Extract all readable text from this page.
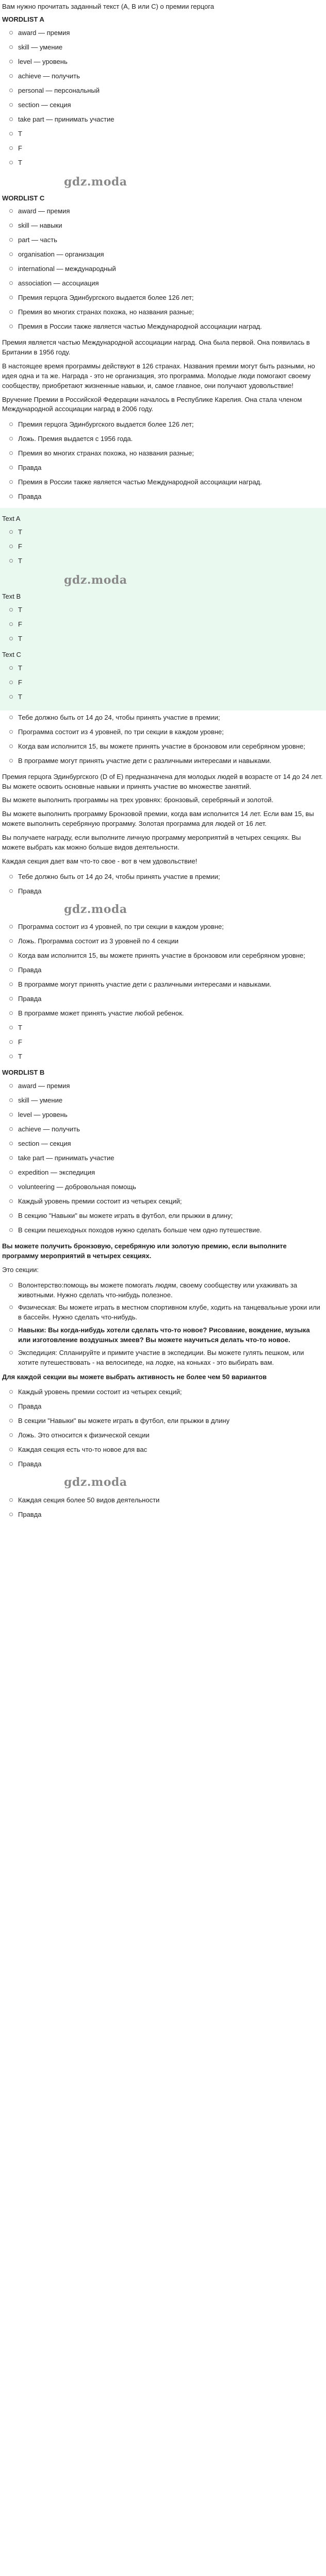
Вам нужно прочитать заданный текст (A, B или C) о премии герцога

WORDLIST A
award — премия
skill — умение
level — уровень
achieve — получить
personal — персональный
section — секция
take part — принимать участие
T
F
T
gdz.moda
WORDLIST C
award — премия
skill — навыки
part — часть
organisation — организация
international — международный
association — ассоциация
Премия герцога Эдинбургского выдается более 126 лет;
Премия во многих странах похожа, но названия разные;
Премия в России также является частью Международной ассоциации наград.

Премия является частью Международной ассоциации наград. Она была первой. Она появилась в Британии в 1956 году.

В настоящее время программы действуют в 126 странах. Названия премии могут быть разными, но идея одна и та же. Награда - это не организация, это программа. Молодые люди помогают своему сообществу, приобретают жизненные навыки, и, самое главное, они получают удовольствие!

Вручение Премии в Российской Федерации началось в Республике Карелия. Она стала членом Международной ассоциации наград в 2006 году.

Премия герцога Эдинбургского выдается более 126 лет;
Ложь. Премия выдается с 1956 года.
Премия во многих странах похожа, но названия разные;
Правда
Премия в России также является частью Международной ассоциации наград.
Правда
Text A
T
F
T
gdz.moda
Text B
T
F
T
Text C
T
F
T
Тебе должно быть от 14 до 24, чтобы принять участие в премии;
Программа состоит из 4 уровней, по три секции в каждом уровне;
Когда вам исполнится 15, вы можете принять участие в бронзовом или серебряном уровне;
В программе могут принять участие дети с различными интересами и навыками.

Премия герцога Эдинбургского (D of E) предназначена для молодых людей в возрасте от 14 до 24 лет. Вы можете освоить основные навыки и принять участие во множестве занятий.

Вы можете выполнить программы на трех уровнях: бронзовый, серебряный и золотой.

Вы можете выполнить программу Бронзовой премии, когда вам исполнится 14 лет. Если вам 15, вы можете выполнить серебряную программу. Золотая программа для людей от 16 лет.

Вы получаете награду, если выполните личную программу мероприятий в четырех секциях. Вы можете выбрать как можно больше видов деятельности.

Каждая секция дает вам что-то свое - вот в чем удовольствие!

Тебе должно быть от 14 до 24, чтобы принять участие в премии;
Правда
gdz.moda
Программа состоит из 4 уровней, по три секции в каждом уровне;
Ложь. Программа состоит из 3 уровней по 4 секции
Когда вам исполнится 15, вы можете принять участие в бронзовом или серебряном уровне;
Правда
В программе могут принять участие дети с различными интересами и навыками.
Правда
В программе может принять участие любой ребенок.
T
F
T
WORDLIST B
award — премия
skill — умение
level — уровень
achieve — получить
section — секция
take part — принимать участие
expedition — экспедиция
volunteering — добровольная помощь
Каждый уровень премии состоит из четырех секций;
В секцию "Навыки" вы можете играть в футбол, ели прыжки в длину;
В секции пешеходных походов нужно сделать больше чем одно путешествие.

Вы можете получить бронзовую, серебряную или золотую премию, если выполните программу мероприятий в четырех секциях.

Это секции:

Волонтерство:помощь вы можете помогать людям, своему сообществу или ухаживать за животными. Нужно сделать что-нибудь полезное.
Физическая: Вы можете играть в местном спортивном клубе, ходить на танцевальные уроки или в бассейн. Нужно сделать что-нибудь.
Навыки: Вы когда-нибудь хотели сделать что-то новое? Рисование, вождение, музыка или изготовление воздушных змеев? Вы можете научиться делать что-то новое.
Экспедиция: Спланируйте и примите участие в экспедиции. Вы можете гулять пешком, или хотите путешествовать - на велосипеде, на лодке, на коньках - это выбирать вам.

Для каждой секции вы можете выбрать активность не более чем 50 вариантов

Каждый уровень премии состоит из четырех секций;
Правда
В секции "Навыки" вы можете играть в футбол, ели прыжки в длину
Ложь. Это относится к физической секции
Каждая секция есть что-то новое для вас
Правда
gdz.moda
Каждая секция более 50 видов деятельности
Правда
